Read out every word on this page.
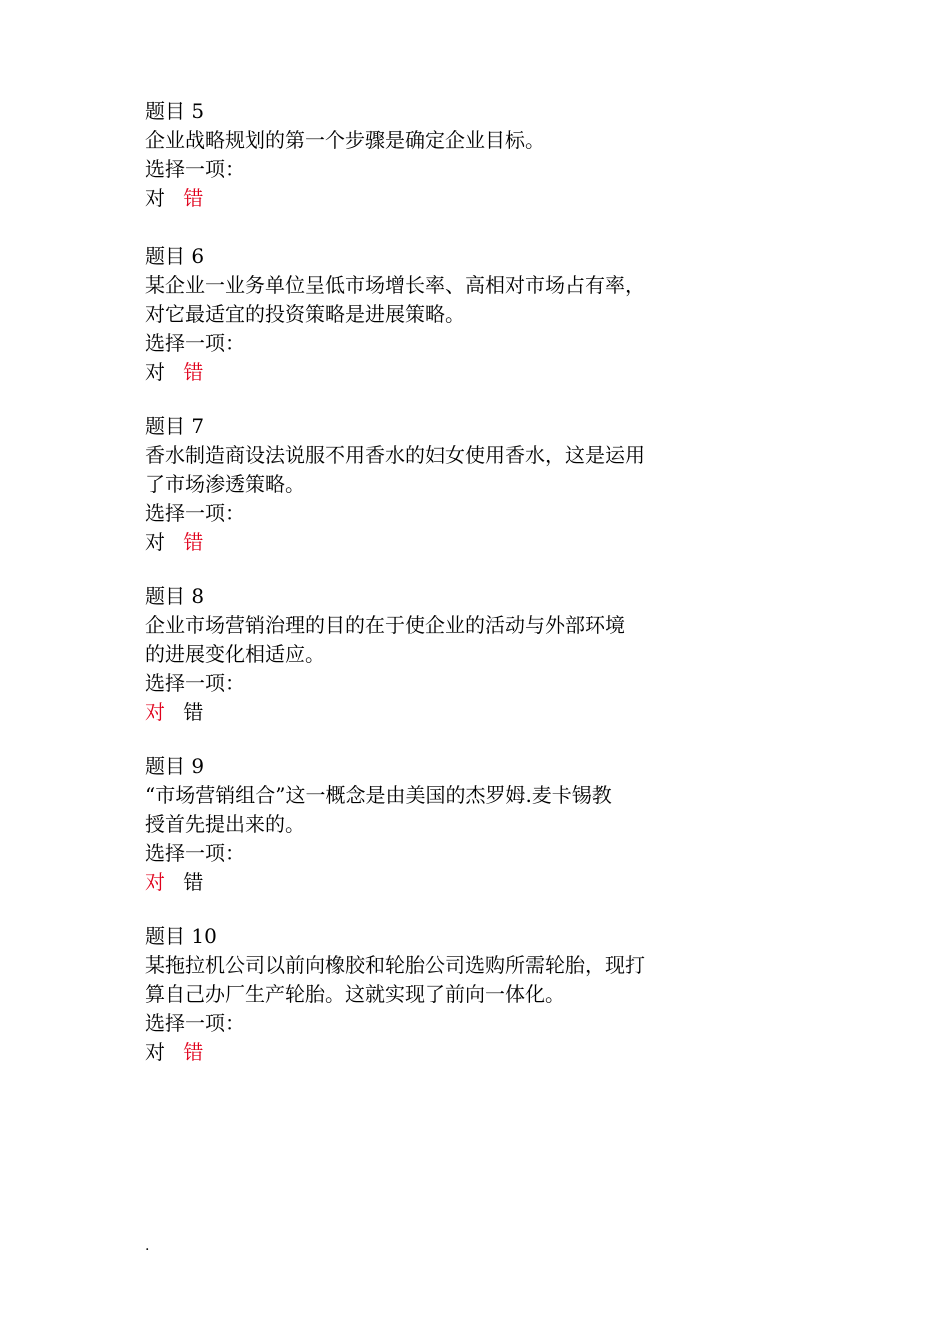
题目 5
企业战略规划的第一个步骤是确定企业目标。
选择一项：
对 错
题目 6
某企业一业务单位呈低市场增长率、高相对市场占有率，
对它最适宜的投资策略是进展策略。
选择一项：
对 错
题目 7
香水制造商设法说服不用香水的妇女使用香水，这是运用
了市场渗透策略。
选择一项：
对 错
题目 8
企业市场营销治理的目的在于使企业的活动与外部环境
的进展变化相适应。
选择一项：
对 错
题目 9
“市场营销组合”这一概念是由美国的杰罗姆.麦卡锡教
授首先提出来的。
选择一项：
对 错
题目 10
某拖拉机公司以前向橡胶和轮胎公司选购所需轮胎，现打
算自己办厂生产轮胎。这就实现了前向一体化。
选择一项：
对 错
.
